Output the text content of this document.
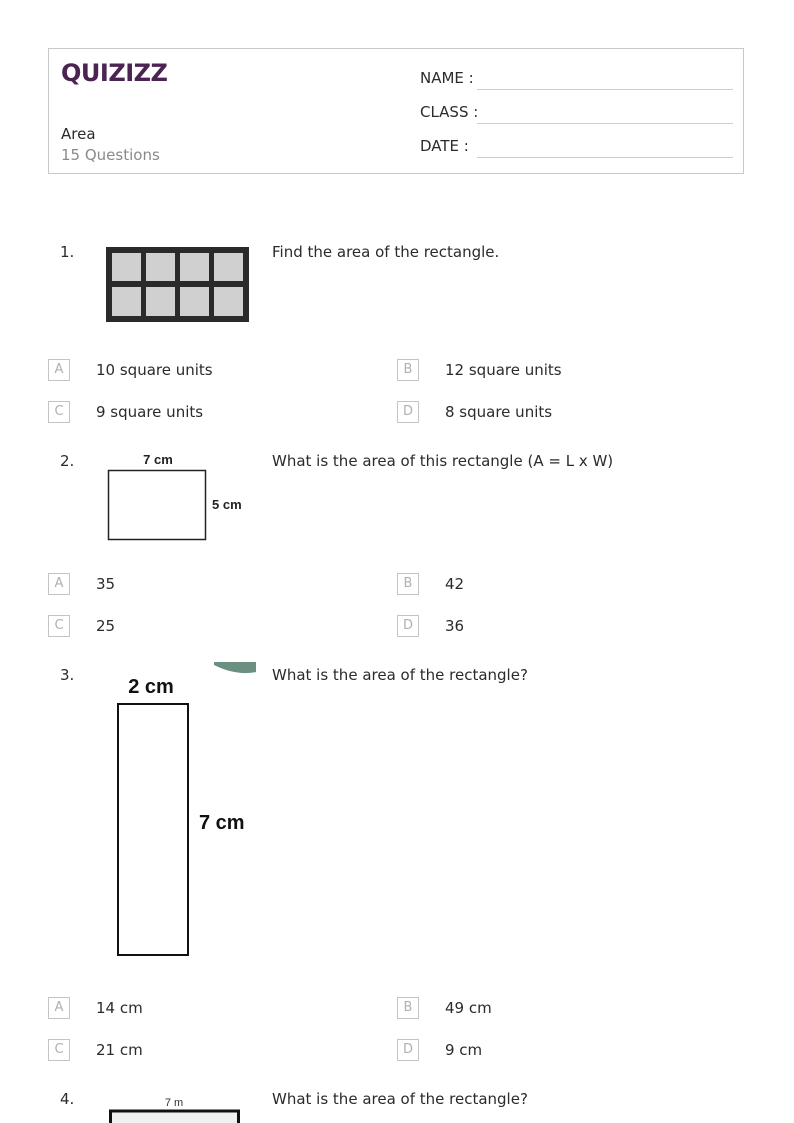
QUIZIZZ
Area
15 Questions
NAME :
CLASS :
DATE :
1.	Find the area of the rectangle.
A	10 square units	B	12 square units
C	9 square units	D	8 square units
2.	7 cm
5 cm
What is the area of this rectangle (A = L x W)
A	35	B	42
C	25	D	36
3.
2 cm
7 cm
What is the area of the rectangle?
A	14 cm	B	49 cm
C	21 cm	D	9 cm
4.	7 m	What is the area of the rectangle?
